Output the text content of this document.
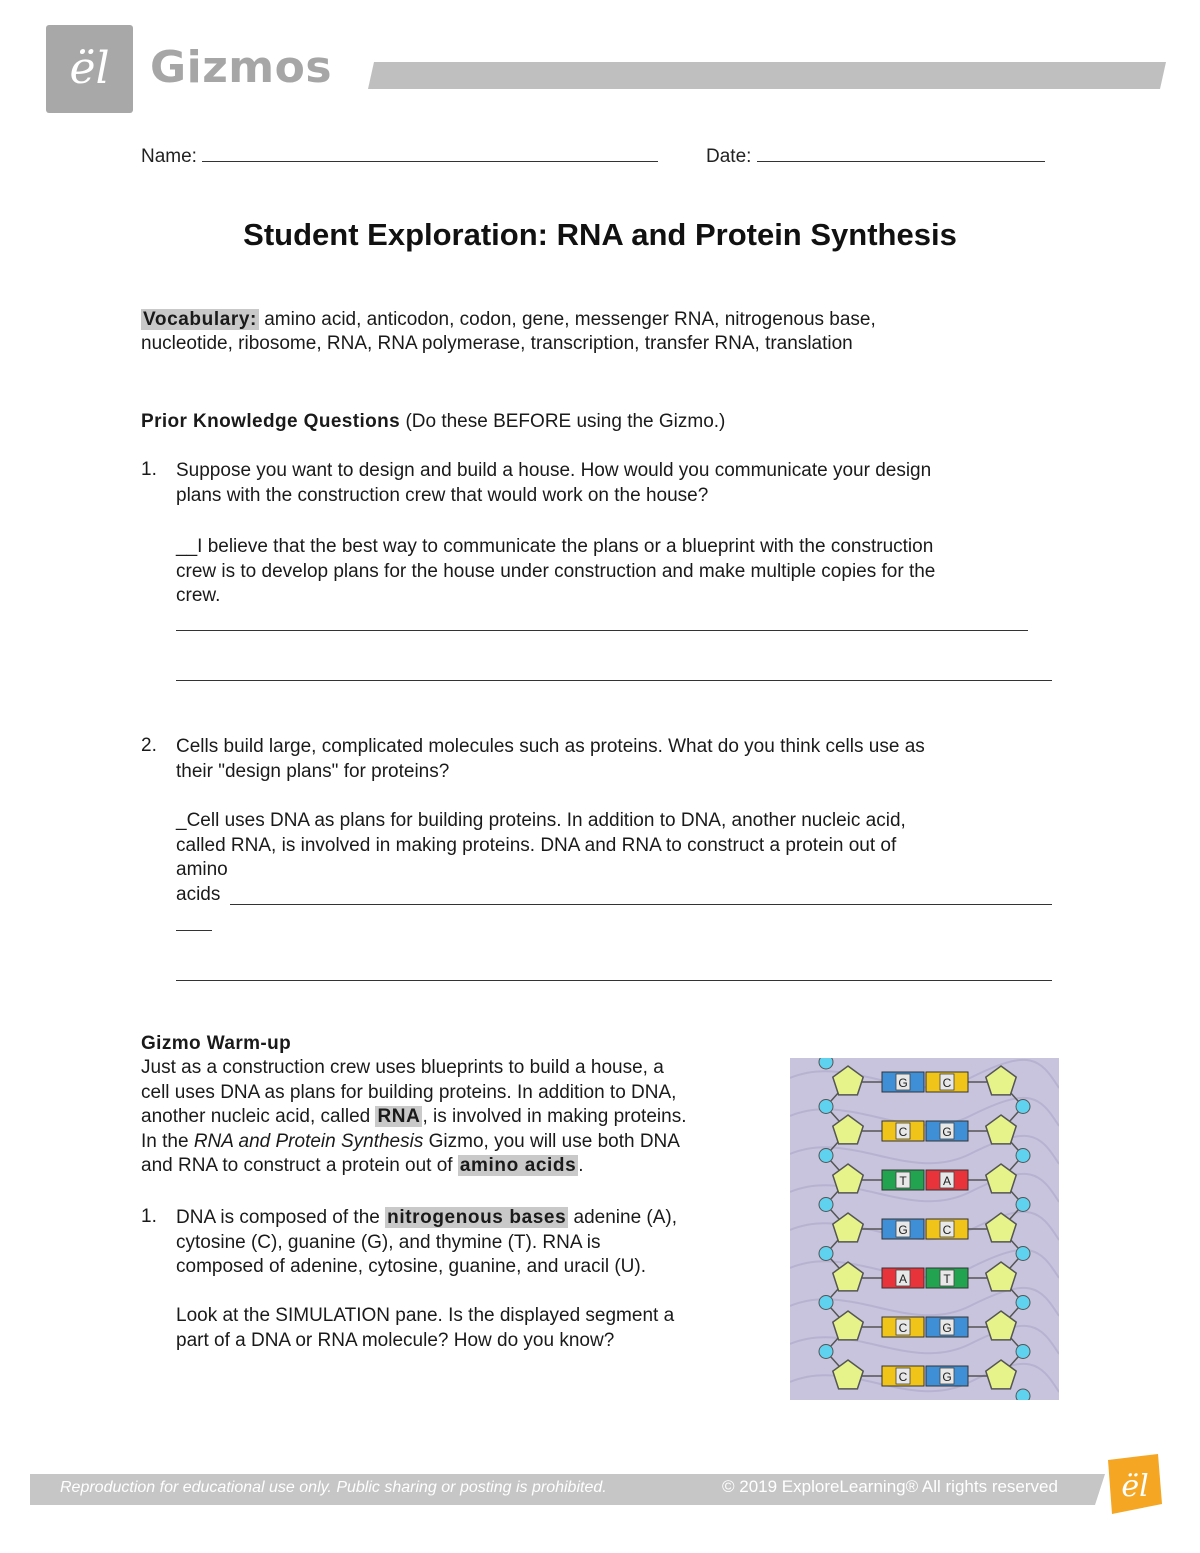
ël Gizmos
Name:	Date:
Student Exploration: RNA and Protein Synthesis
Vocabulary: amino acid, anticodon, codon, gene, messenger RNA, nitrogenous base,
nucleotide, ribosome, RNA, RNA polymerase, transcription, transfer RNA, translation
Prior Knowledge Questions (Do these BEFORE using the Gizmo.)
1. Suppose you want to design and build a house. How would you communicate your design
plans with the construction crew that would work on the house?
__I believe that the best way to communicate the plans or a blueprint with the construction
crew is to develop plans for the house under construction and make multiple copies for the
crew.
2. Cells build large, complicated molecules such as proteins. What do you think cells use as
their "design plans" for proteins?
_Cell uses DNA as plans for building proteins. In addition to DNA, another nucleic acid,
called RNA, is involved in making proteins. DNA and RNA to construct a protein out of
amino
acids
Gizmo Warm-up
Just as a construction crew uses blueprints to build a house, a
cell uses DNA as plans for building proteins. In addition to DNA,
another nucleic acid, called RNA , is involved in making proteins.
In the RNA and Protein Synthesis Gizmo, you will use both DNA
and RNA to construct a protein out of amino acids .
1. DNA is composed of the nitrogenous bases adenine (A),
cytosine (C), guanine (G), and thymine (T). RNA is
composed of adenine, cytosine, guanine, and uracil (U).
Look at the SIMULATION pane. Is the displayed segment a
part of a DNA or RNA molecule? How do you know?
G	C
C	G
T	A
G	C
A	T
C	G
C	G
Reproduction for educational use only. Public sharing or posting is prohibited.	© 2019 ExploreLearning® All rights reserved ël
